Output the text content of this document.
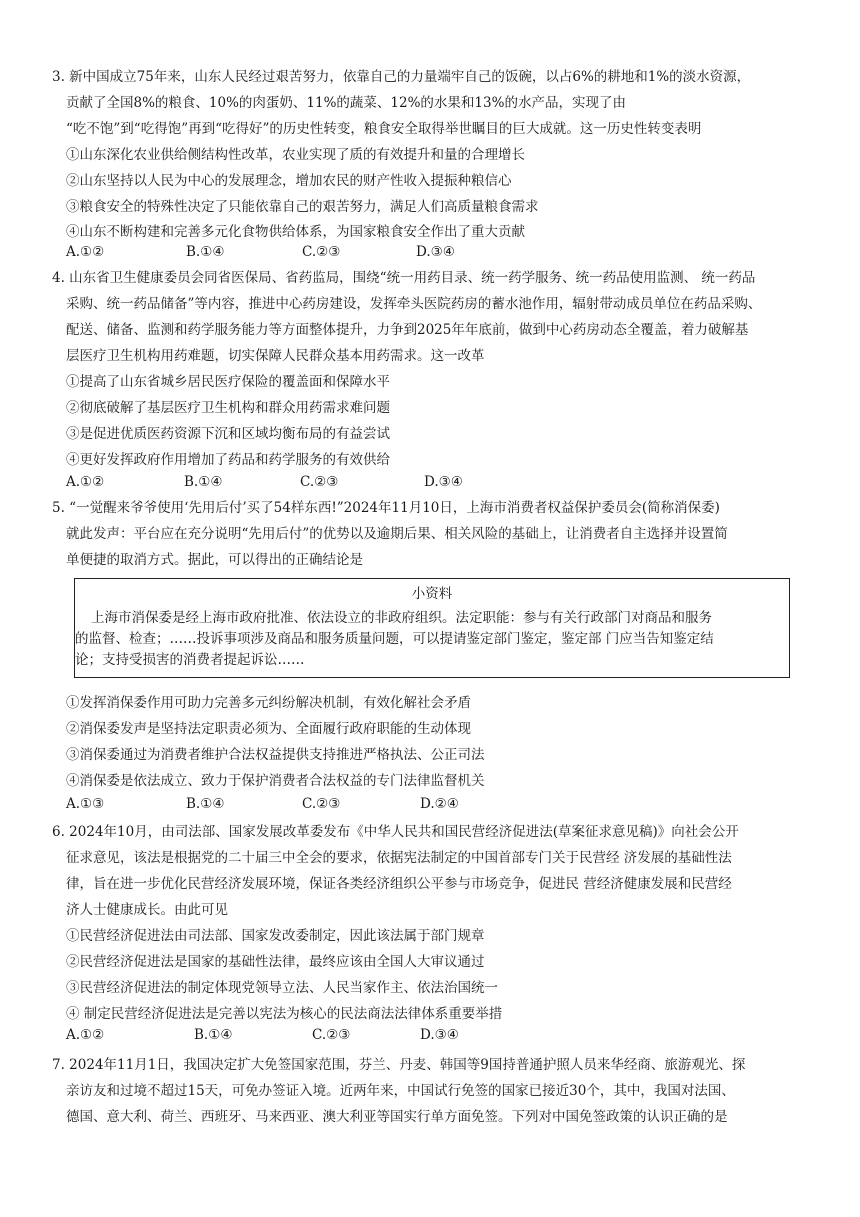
3. 新中国成立75年来，山东人民经过艰苦努力，依靠自己的力量端牢自己的饭碗，以占6%的耕地和1%的淡水资源，
贡献了全国8%的粮食、10%的肉蛋奶、11%的蔬菜、12%的水果和13%的水产品，实现了由
“吃不饱”到“吃得饱”再到“吃得好”的历史性转变，粮食安全取得举世瞩目的巨大成就。这一历史性转变表明
①山东深化农业供给侧结构性改革，农业实现了质的有效提升和量的合理增长
②山东坚持以人民为中心的发展理念，增加农民的财产性收入提振种粮信心
③粮食安全的特殊性决定了只能依靠自己的艰苦努力，满足人们高质量粮食需求
④山东不断构建和完善多元化食物供给体系，为国家粮食安全作出了重大贡献
A.①②	B.①④	C.②③	D.③④
4. 山东省卫生健康委员会同省医保局、省药监局，围绕“统一用药目录、统一药学服务、统一药品使用监测、 统一药品
采购、统一药品储备”等内容，推进中心药房建设，发挥牵头医院药房的蓄水池作用，辐射带动成员单位在药品采购、
配送、储备、监测和药学服务能力等方面整体提升，力争到2025年年底前，做到中心药房动态全覆盖，着力破解基
层医疗卫生机构用药难题，切实保障人民群众基本用药需求。这一改革
①提高了山东省城乡居民医疗保险的覆盖面和保障水平
②彻底破解了基层医疗卫生机构和群众用药需求难问题
③是促进优质医药资源下沉和区域均衡布局的有益尝试
④更好发挥政府作用增加了药品和药学服务的有效供给
A.①②	B.①④	C.②③	D.③④
5. “一觉醒来爷爷使用‘先用后付’买了54样东西!”2024年11月10日，上海市消费者权益保护委员会(简称消保委)
就此发声：平台应在充分说明“先用后付”的优势以及逾期后果、相关风险的基础上，让消费者自主选择并设置简
单便捷的取消方式。据此，可以得出的正确结论是
小资料
上海市消保委是经上海市政府批准、依法设立的非政府组织。法定职能：参与有关行政部门对商品和服务
的监督、检查；……投诉事项涉及商品和服务质量问题，可以提请鉴定部门鉴定，鉴定部 门应当告知鉴定结
论；支持受损害的消费者提起诉讼……
①发挥消保委作用可助力完善多元纠纷解决机制，有效化解社会矛盾
②消保委发声是坚持法定职责必须为、全面履行政府职能的生动体现
③消保委通过为消费者维护合法权益提供支持推进严格执法、公正司法
④消保委是依法成立、致力于保护消费者合法权益的专门法律监督机关
A.①③	B.①④	C.②③	D.②④
6. 2024年10月，由司法部、国家发展改革委发布《中华人民共和国民营经济促进法(草案征求意见稿)》向社会公开
征求意见，该法是根据党的二十届三中全会的要求，依据宪法制定的中国首部专门关于民营经 济发展的基础性法
律，旨在进一步优化民营经济发展环境，保证各类经济组织公平参与市场竞争，促进民 营经济健康发展和民营经
济人士健康成长。由此可见
①民营经济促进法由司法部、国家发改委制定，因此该法属于部门规章
②民营经济促进法是国家的基础性法律，最终应该由全国人大审议通过
③民营经济促进法的制定体现党领导立法、人民当家作主、依法治国统一
④ 制定民营经济促进法是完善以宪法为核心的民法商法法律体系重要举措
A.①②	B.①④	C.②③	D.③④
7. 2024年11月1日，我国决定扩大免签国家范围，芬兰、丹麦、韩国等9国持普通护照人员来华经商、旅游观光、探
亲访友和过境不超过15天，可免办签证入境。近两年来，中国试行免签的国家已接近30个，其中，我国对法国、
德国、意大利、荷兰、西班牙、马来西亚、澳大利亚等国实行单方面免签。下列对中国免签政策的认识正确的是
